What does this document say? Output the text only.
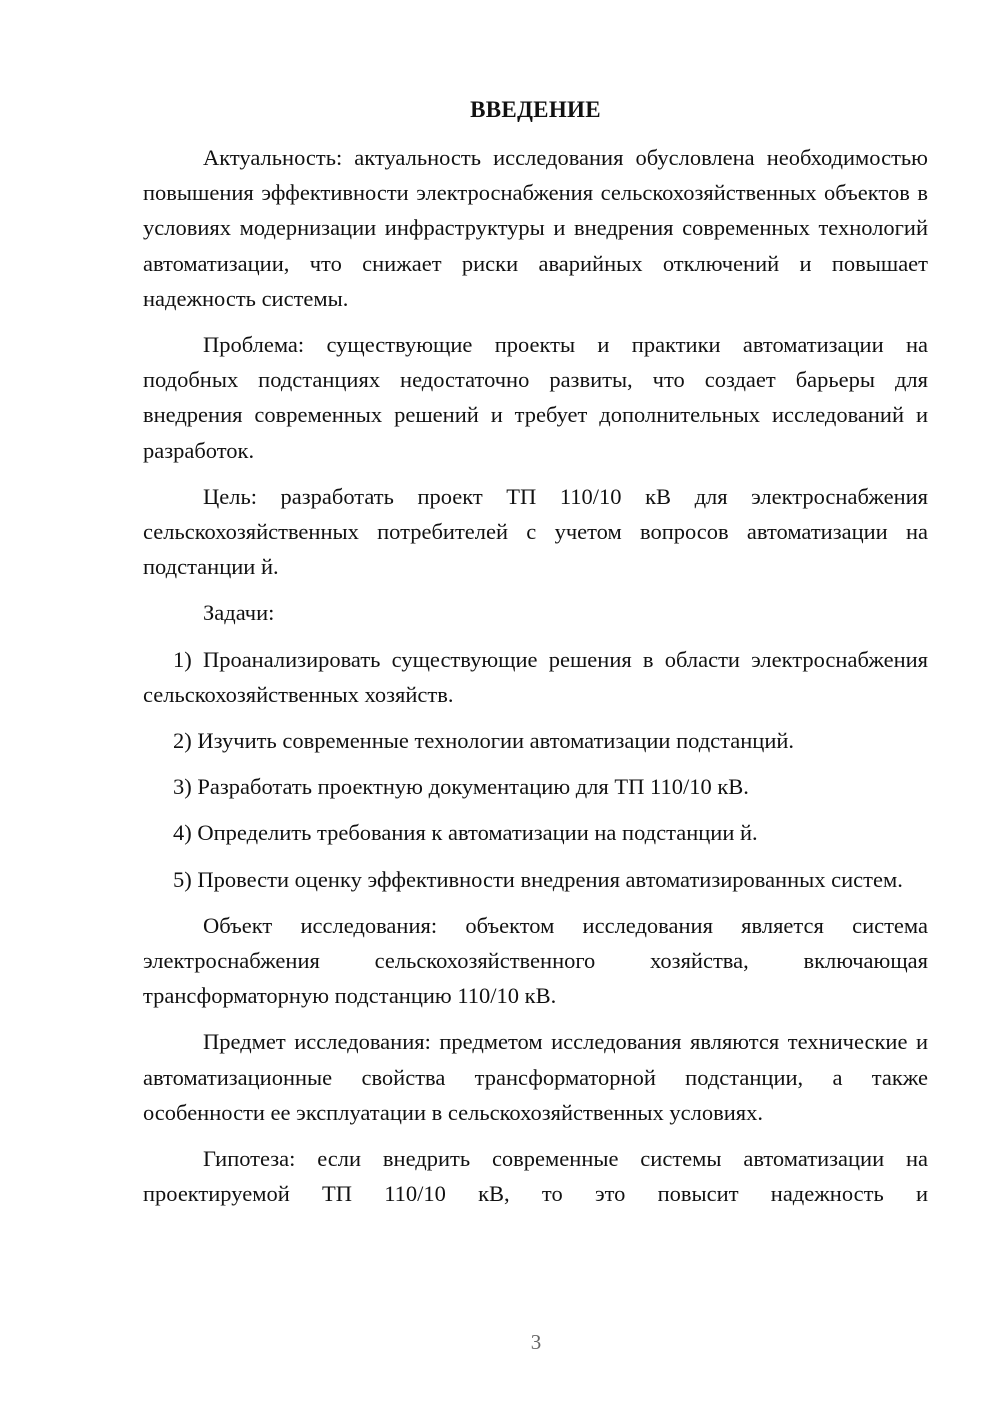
ВВЕДЕНИЕ

Актуальность: актуальность исследования обусловлена необходимостью повышения эффективности электроснабжения сельскохозяйственных объектов в условиях модернизации инфраструктуры и внедрения современных технологий автоматизации, что снижает риски аварийных отключений и повышает надежность системы.

Проблема: существующие проекты и практики автоматизации на подобных подстанциях недостаточно развиты, что создает барьеры для внедрения современных решений и требует дополнительных исследований и разработок.

Цель: разработать проект ТП 110/10 кВ для электроснабжения сельскохозяйственных потребителей с учетом вопросов автоматизации на подстанции й.

Задачи:

1) Проанализировать существующие решения в области электроснабжения сельскохозяйственных хозяйств.

2) Изучить современные технологии автоматизации подстанций.

3) Разработать проектную документацию для ТП 110/10 кВ.

4) Определить требования к автоматизации на подстанции й.

5) Провести оценку эффективности внедрения автоматизированных систем.

Объект исследования: объектом исследования является система электроснабжения сельскохозяйственного хозяйства, включающая трансформаторную подстанцию 110/10 кВ.

Предмет исследования: предметом исследования являются технические и автоматизационные свойства трансформаторной подстанции, а также особенности ее эксплуатации в сельскохозяйственных условиях.

Гипотеза: если внедрить современные системы автоматизации на проектируемой ТП 110/10 кВ, то это повысит надежность и

3
